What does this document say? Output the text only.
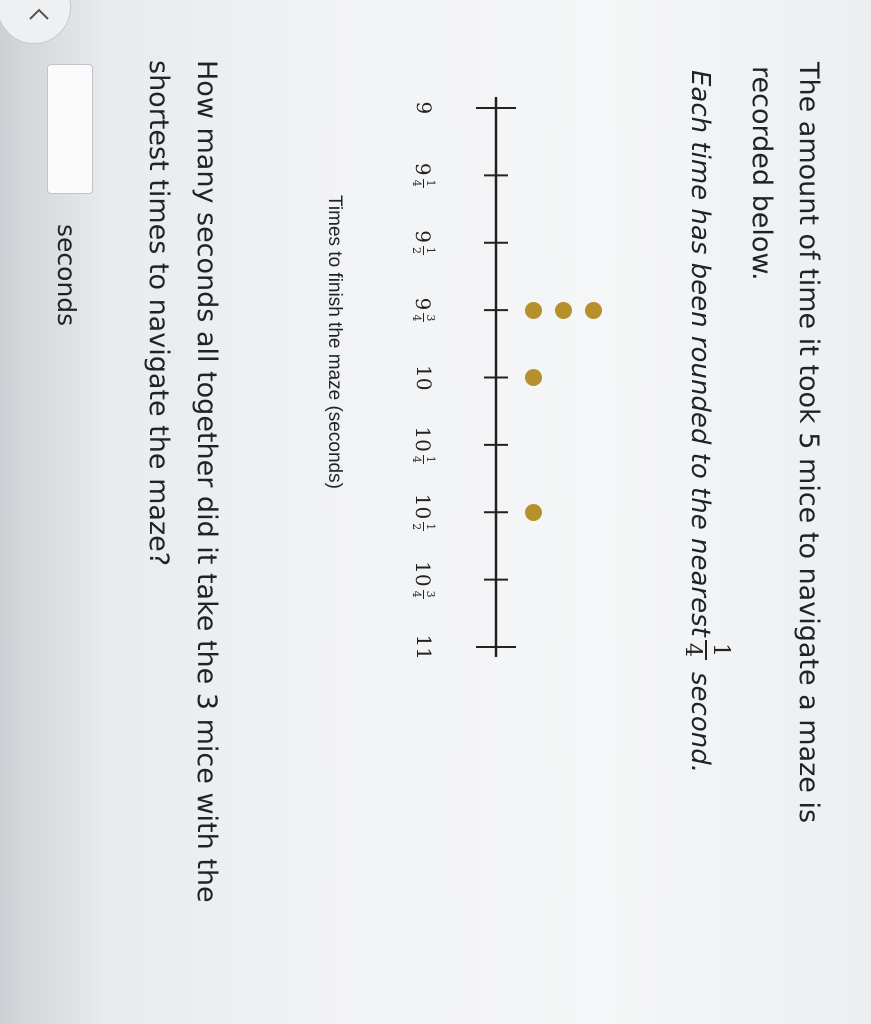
The amount of time it took 5 mice to navigate a maze is
recorded below.
Each time has been rounded to the nearest
1
4
second.
9
9
1
4
9
1
2
9
3
4
10
10
1
4
10
1
2
10
3
4
11
Times to finish the maze (seconds)
How many seconds all together did it take the 3 mice with the
shortest times to navigate the maze?
seconds
